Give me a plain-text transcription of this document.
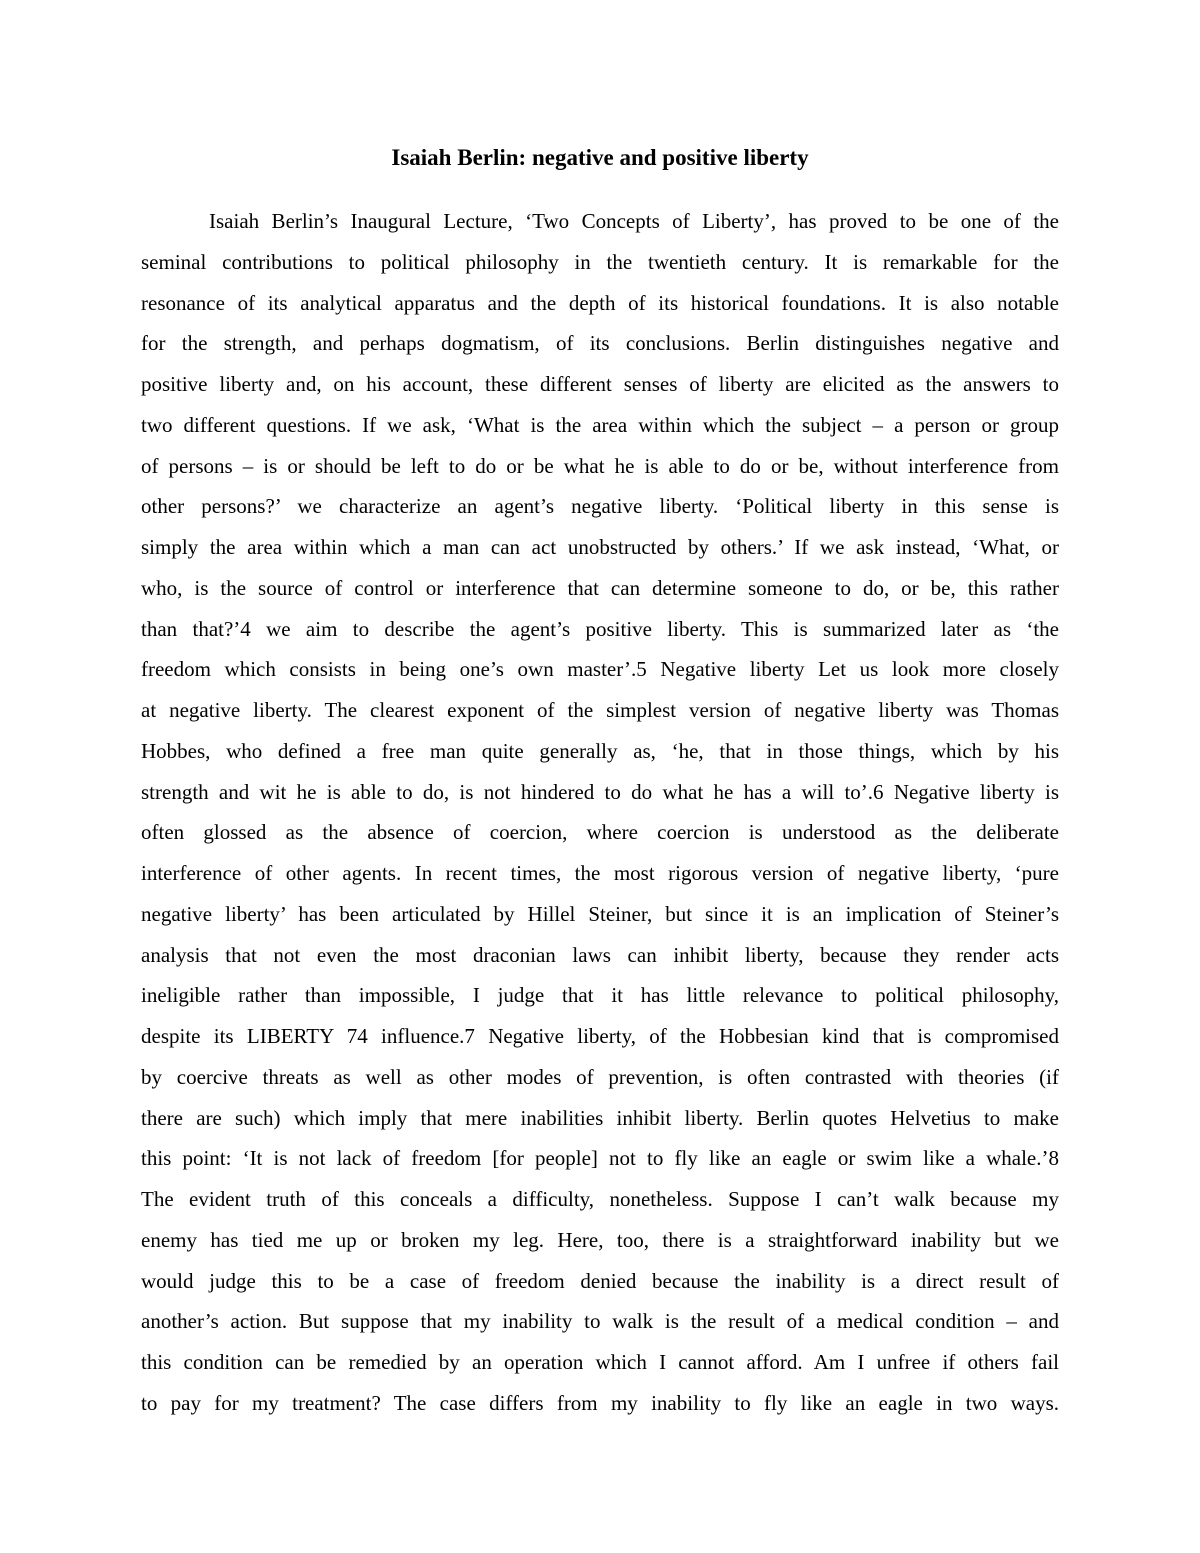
Isaiah Berlin: negative and positive liberty
Isaiah Berlin’s Inaugural Lecture, ‘Two Concepts of Liberty’, has proved to be one of the
seminal contributions to political philosophy in the twentieth century. It is remarkable for the
resonance of its analytical apparatus and the depth of its historical foundations. It is also notable
for the strength, and perhaps dogmatism, of its conclusions. Berlin distinguishes negative and
positive liberty and, on his account, these different senses of liberty are elicited as the answers to
two different questions. If we ask, ‘What is the area within which the subject – a person or group
of persons – is or should be left to do or be what he is able to do or be, without interference from
other persons?’ we characterize an agent’s negative liberty. ‘Political liberty in this sense is
simply the area within which a man can act unobstructed by others.’ If we ask instead, ‘What, or
who, is the source of control or interference that can determine someone to do, or be, this rather
than that?’4 we aim to describe the agent’s positive liberty. This is summarized later as ‘the
freedom which consists in being one’s own master’.5 Negative liberty Let us look more closely
at negative liberty. The clearest exponent of the simplest version of negative liberty was Thomas
Hobbes, who defined a free man quite generally as, ‘he, that in those things, which by his
strength and wit he is able to do, is not hindered to do what he has a will to’.6 Negative liberty is
often glossed as the absence of coercion, where coercion is understood as the deliberate
interference of other agents. In recent times, the most rigorous version of negative liberty, ‘pure
negative liberty’ has been articulated by Hillel Steiner, but since it is an implication of Steiner’s
analysis that not even the most draconian laws can inhibit liberty, because they render acts
ineligible rather than impossible, I judge that it has little relevance to political philosophy,
despite its LIBERTY 74 influence.7 Negative liberty, of the Hobbesian kind that is compromised
by coercive threats as well as other modes of prevention, is often contrasted with theories (if
there are such) which imply that mere inabilities inhibit liberty. Berlin quotes Helvetius to make
this point: ‘It is not lack of freedom [for people] not to fly like an eagle or swim like a whale.’8
The evident truth of this conceals a difficulty, nonetheless. Suppose I can’t walk because my
enemy has tied me up or broken my leg. Here, too, there is a straightforward inability but we
would judge this to be a case of freedom denied because the inability is a direct result of
another’s action. But suppose that my inability to walk is the result of a medical condition – and
this condition can be remedied by an operation which I cannot afford. Am I unfree if others fail
to pay for my treatment? The case differs from my inability to fly like an eagle in two ways.
